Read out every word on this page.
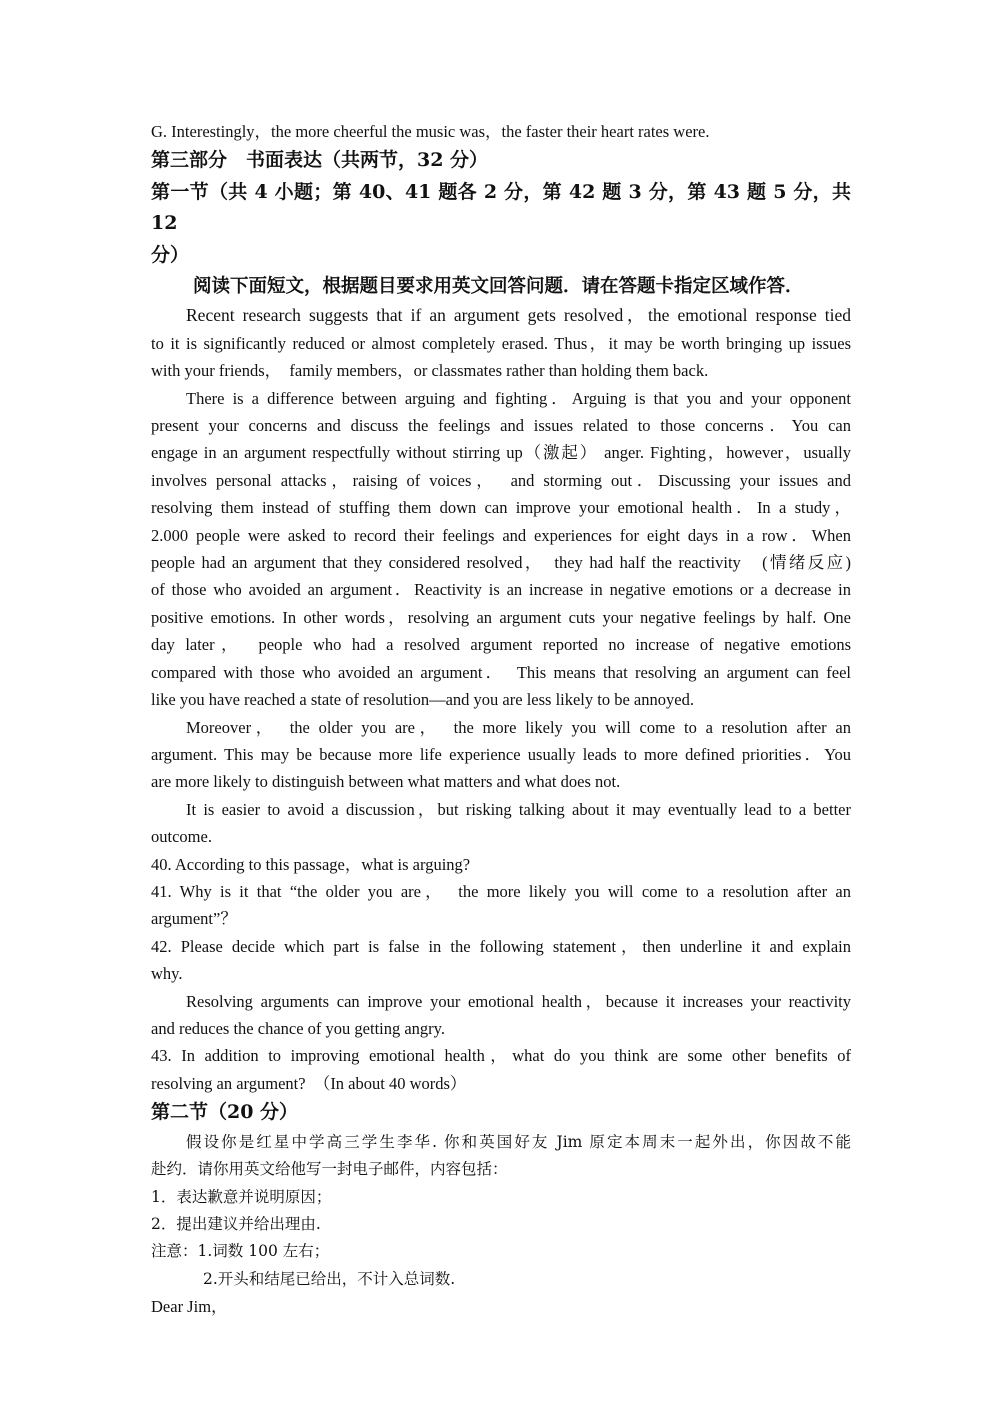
G. Interestingly，the more cheerful the music was，the faster their heart rates were.
第三部分　书面表达（共两节，32 分）
第一节（共 4 小题；第 40、41 题各 2 分，第 42 题 3 分，第 43 题 5 分，共 12
分）
阅读下面短文，根据题目要求用英文回答问题．请在答题卡指定区域作答．
Recent research suggests that if an argument gets resolved，the emotional response tied
to it is significantly reduced or almost completely erased. Thus，it may be worth bringing up issues
with your friends，　family members，or classmates rather than holding them back.
There is a difference between arguing and fighting．Arguing is that you and your opponent
present your concerns and discuss the feelings and issues related to those concerns．You can
engage in an argument respectfully without stirring up（激起） anger. Fighting，however，usually
involves personal attacks，raising of voices，　and storming out．Discussing your issues and
resolving them instead of stuffing them down can improve your emotional health．In a study，
2.000 people were asked to record their feelings and experiences for eight days in a row．When
people had an argument that they considered resolved，　they had half the reactivity　(情绪反应)
of those who avoided an argument．Reactivity is an increase in negative emotions or a decrease in
positive emotions. In other words，resolving an argument cuts your negative feelings by half. One
day later，　people who had a resolved argument reported no increase of negative emotions
compared with those who avoided an argument．　This means that resolving an argument can feel
like you have reached a state of resolution—and you are less likely to be annoyed.
Moreover，　the older you are，　the more likely you will come to a resolution after an
argument. This may be because more life experience usually leads to more defined priorities．You
are more likely to distinguish between what matters and what does not.
It is easier to avoid a discussion，but risking talking about it may eventually lead to a better
outcome.
40. According to this passage，what is arguing?
41. Why is it that “the older you are，　the more likely you will come to a resolution after an
argument”？
42. Please decide which part is false in the following statement，then underline it and explain
why.
Resolving arguments can improve your emotional health，because it increases your reactivity
and reduces the chance of you getting angry.
43. In addition to improving emotional health，what do you think are some other benefits of
resolving an argument?　（In about 40 words）
第二节（20 分）
假设你是红星中学高三学生李华. 你和英国好友 Jim 原定本周末一起外出，你因故不能
赴约．请你用英文给他写一封电子邮件，内容包括：
1．表达歉意并说明原因；
2．提出建议并给出理由.
注意：1.词数 100 左右；
2.开头和结尾已给出，不计入总词数.
Dear Jim，
